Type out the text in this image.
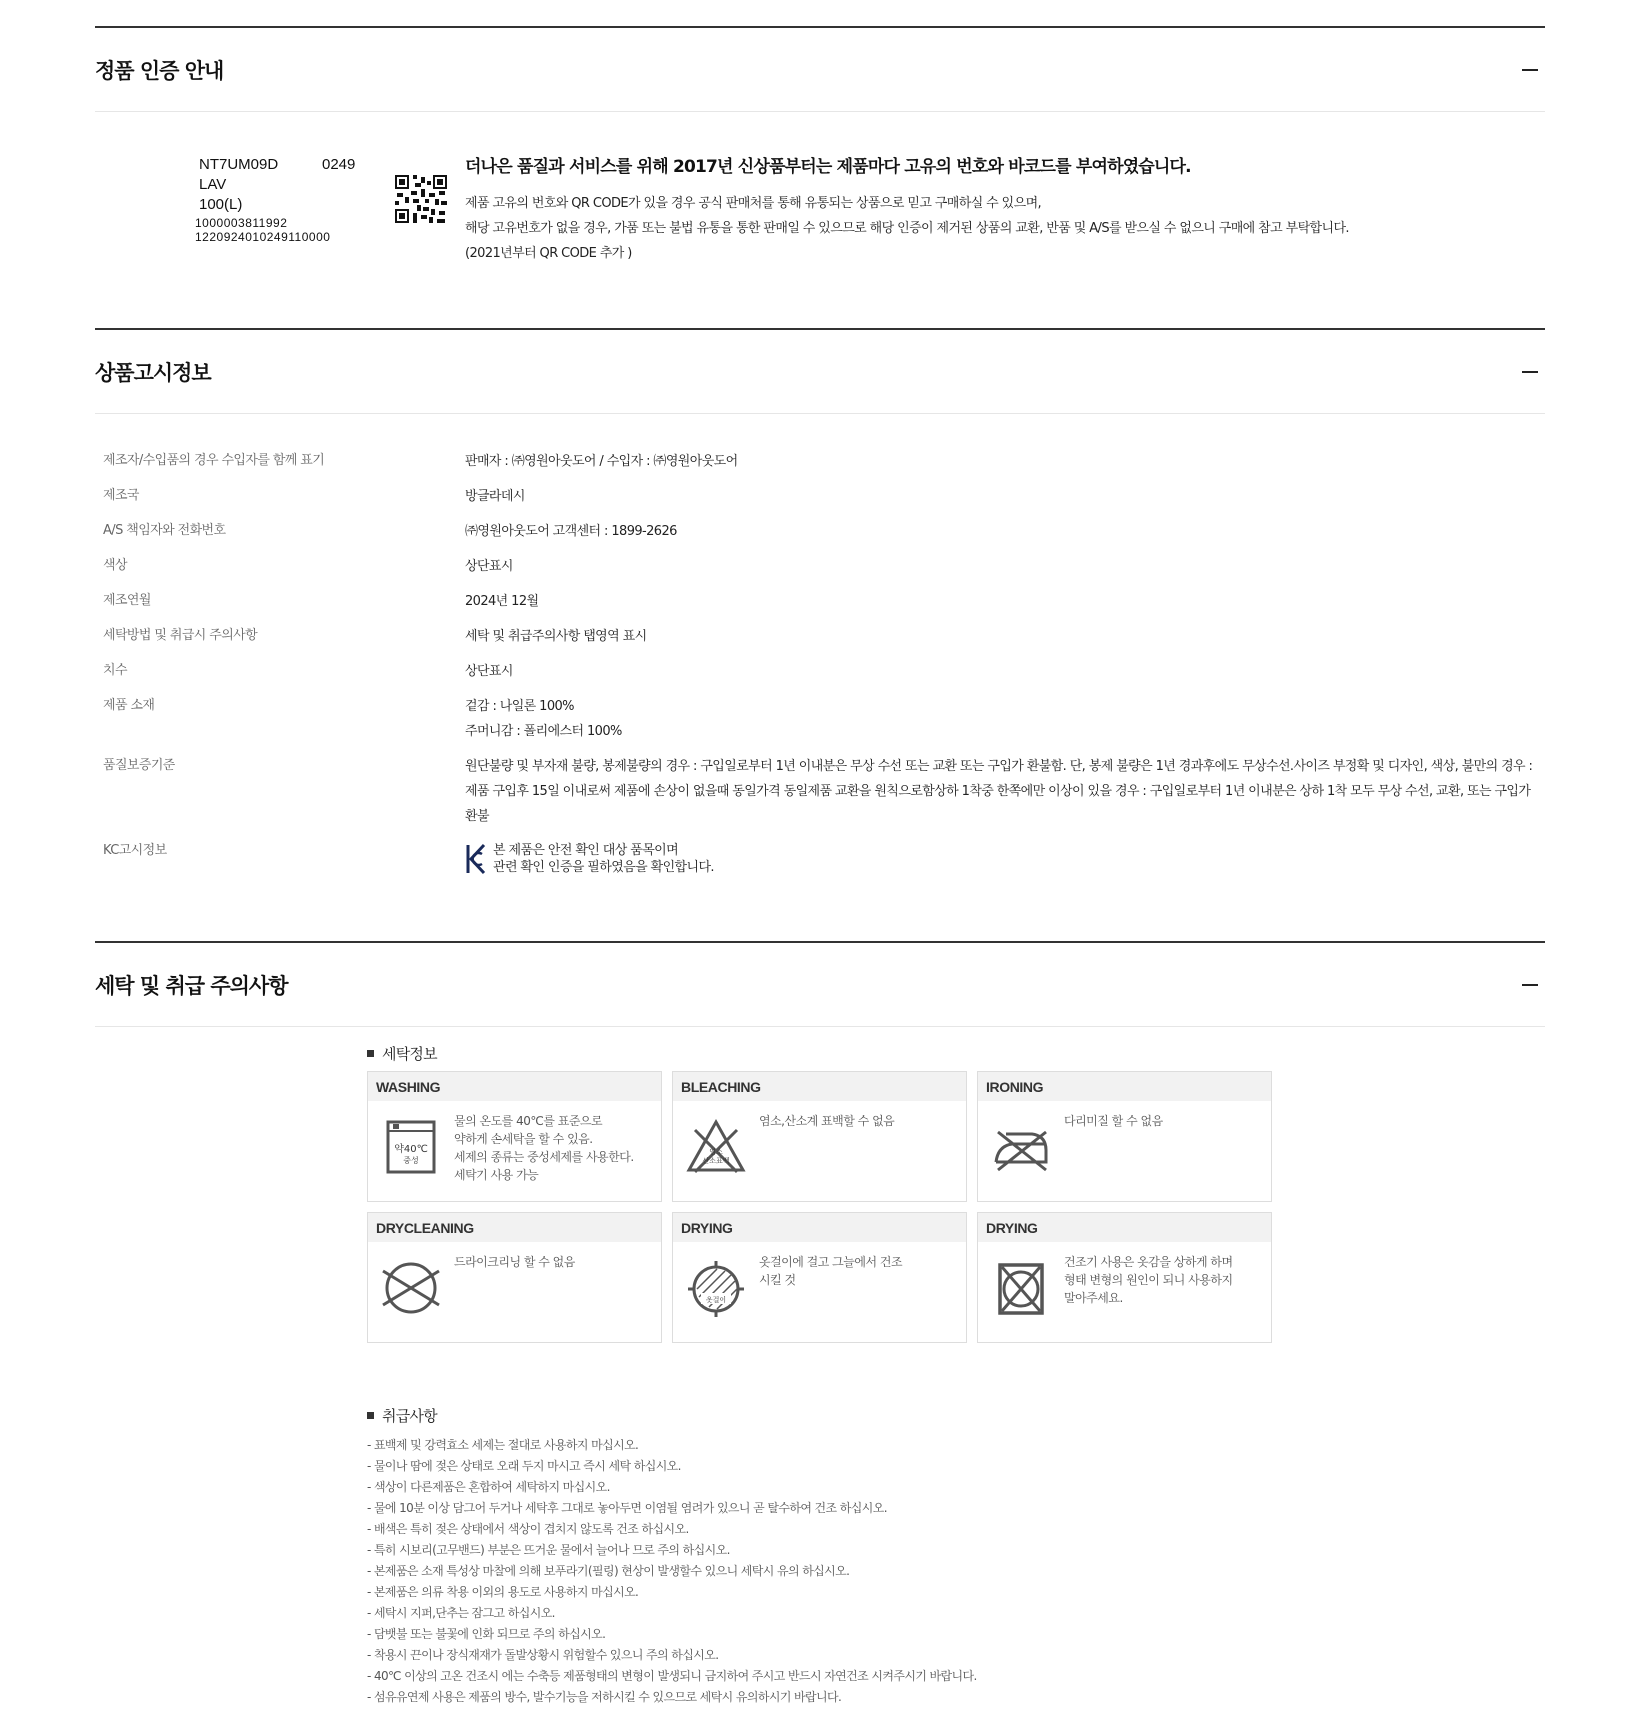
정품 인증 안내
NT7UM09D	0249
LAV
100(L)
1000003811992
1220924010249110000
더나은 품질과 서비스를 위해 2017년 신상품부터는 제품마다 고유의 번호와 바코드를 부여하였습니다.
제품 고유의 번호와 QR CODE가 있을 경우 공식 판매처를 통해 유통되는 상품으로 믿고 구매하실 수 있으며,
해당 고유번호가 없을 경우, 가품 또는 불법 유통을 통한 판매일 수 있으므로 해당 인증이 제거된 상품의 교환, 반품 및 A/S를 받으실 수 없으니 구매에 참고 부탁합니다.
(2021년부터 QR CODE 추가 )
상품고시정보
제조자/수입품의 경우 수입자를 함께 표기	판매자 : ㈜영원아웃도어 / 수입자 : ㈜영원아웃도어
제조국	방글라데시
A/S 책임자와 전화번호	㈜영원아웃도어 고객센터 : 1899-2626
색상	상단표시
제조연월	2024년 12월
세탁방법 및 취급시 주의사항	세탁 및 취급주의사항 탭영역 표시
치수	상단표시
제품 소재	겉감 : 나일론 100%
주머니감 : 폴리에스터 100%
품질보증기준	원단불량 및 부자재 불량, 봉제불량의 경우 : 구입일로부터 1년 이내분은 무상 수선 또는 교환 또는 구입가 환불함. 단, 봉제 불량은 1년 경과후에도 무상수선.사이즈 부정확 및 디자인, 색상, 불만의 경우 : 제품 구입후 15일 이내로써 제품에 손상이 없을때 동일가격 동일제품 교환을 원칙으로함상하 1착중 한쪽에만 이상이 있을 경우 : 구입일로부터 1년 이내분은 상하 1착 모두 무상 수선, 교환, 또는 구입가 환불
KC고시정보	본 제품은 안전 확인 대상 품목이며
관련 확인 인증을 필하였음을 확인합니다.
세탁 및 취급 주의사항
세탁정보
WASHING
약40℃
중성
물의 온도를 40℃를 표준으로
약하게 손세탁을 할 수 있음.
세제의 종류는 중성세제를 사용한다.
세탁기 사용 가능
BLEACHING
염소
산소표백
염소,산소계 표백할 수 없음
IRONING
다리미질 할 수 없음
DRYCLEANING
드라이크리닝 할 수 없음
DRYING
옷걸이
옷걸이에 걸고 그늘에서 건조
시킬 것
DRYING
건조기 사용은 옷감을 상하게 하며
형태 변형의 원인이 되니 사용하지
말아주세요.
취급사항
- 표백제 및 강력효소 세제는 절대로 사용하지 마십시오.
- 물이나 땀에 젖은 상태로 오래 두지 마시고 즉시 세탁 하십시오.
- 색상이 다른제품은 혼합하여 세탁하지 마십시오.
- 물에 10분 이상 담그어 두거나 세탁후 그대로 놓아두면 이염될 염려가 있으니 곧 탈수하여 건조 하십시오.
- 배색은 특히 젖은 상태에서 색상이 겹치지 않도록 건조 하십시오.
- 특히 시보리(고무밴드) 부분은 뜨거운 물에서 늘어나 므로 주의 하십시오.
- 본제품은 소재 특성상 마찰에 의해 보푸라기(필링) 현상이 발생할수 있으니 세탁시 유의 하십시오.
- 본제품은 의류 착용 이외의 용도로 사용하지 마십시오.
- 세탁시 지퍼,단추는 잠그고 하십시오.
- 담뱃불 또는 불꽃에 인화 되므로 주의 하십시오.
- 착용시 끈이나 장식재재가 돌발상황시 위험할수 있으니 주의 하십시오.
- 40℃ 이상의 고온 건조시 에는 수축등 제품형태의 변형이 발생되니 금지하여 주시고 반드시 자연건조 시켜주시기 바랍니다.
- 섬유유연제 사용은 제품의 방수, 발수기능을 저하시킬 수 있으므로 세탁시 유의하시기 바랍니다.
